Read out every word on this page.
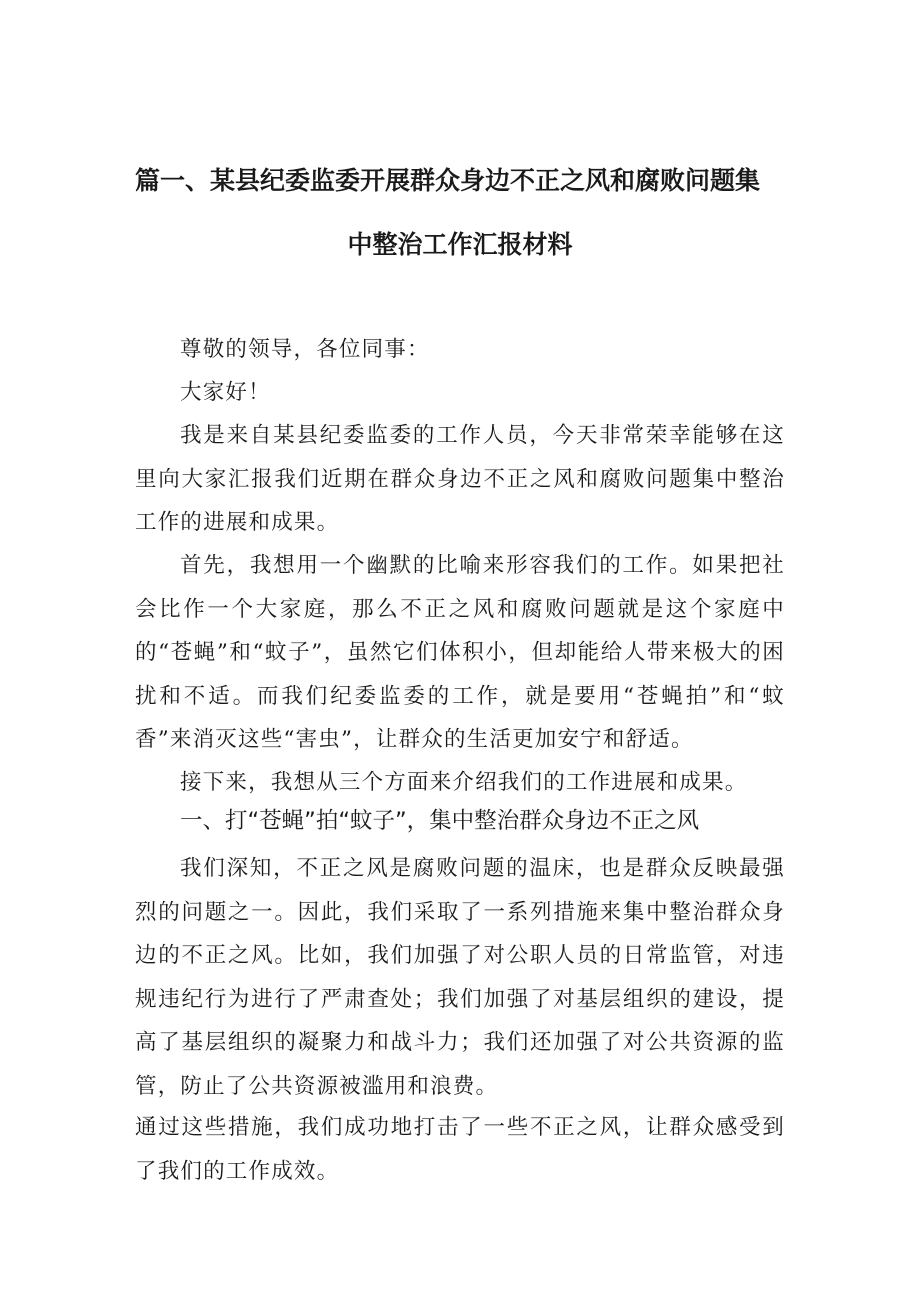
篇一、某县纪委监委开展群众身边不正之风和腐败问题集
中整治工作汇报材料

尊敬的领导，各位同事：

大家好！

我是来自某县纪委监委的工作人员，今天非常荣幸能够在这里向大家汇报我们近期在群众身边不正之风和腐败问题集中整治工作的进展和成果。

首先，我想用一个幽默的比喻来形容我们的工作。如果把社会比作一个大家庭，那么不正之风和腐败问题就是这个家庭中的“苍蝇”和“蚊子”，虽然它们体积小，但却能给人带来极大的困扰和不适。而我们纪委监委的工作，就是要用“苍蝇拍”和“蚊香”来消灭这些“害虫”，让群众的生活更加安宁和舒适。

接下来，我想从三个方面来介绍我们的工作进展和成果。

一、打“苍蝇”拍“蚊子”，集中整治群众身边不正之风

我们深知，不正之风是腐败问题的温床，也是群众反映最强烈的问题之一。因此，我们采取了一系列措施来集中整治群众身边的不正之风。比如，我们加强了对公职人员的日常监管，对违规违纪行为进行了严肃查处；我们加强了对基层组织的建设，提高了基层组织的凝聚力和战斗力；我们还加强了对公共资源的监管，防止了公共资源被滥用和浪费。

通过这些措施，我们成功地打击了一些不正之风，让群众感受到了我们的工作成效。
